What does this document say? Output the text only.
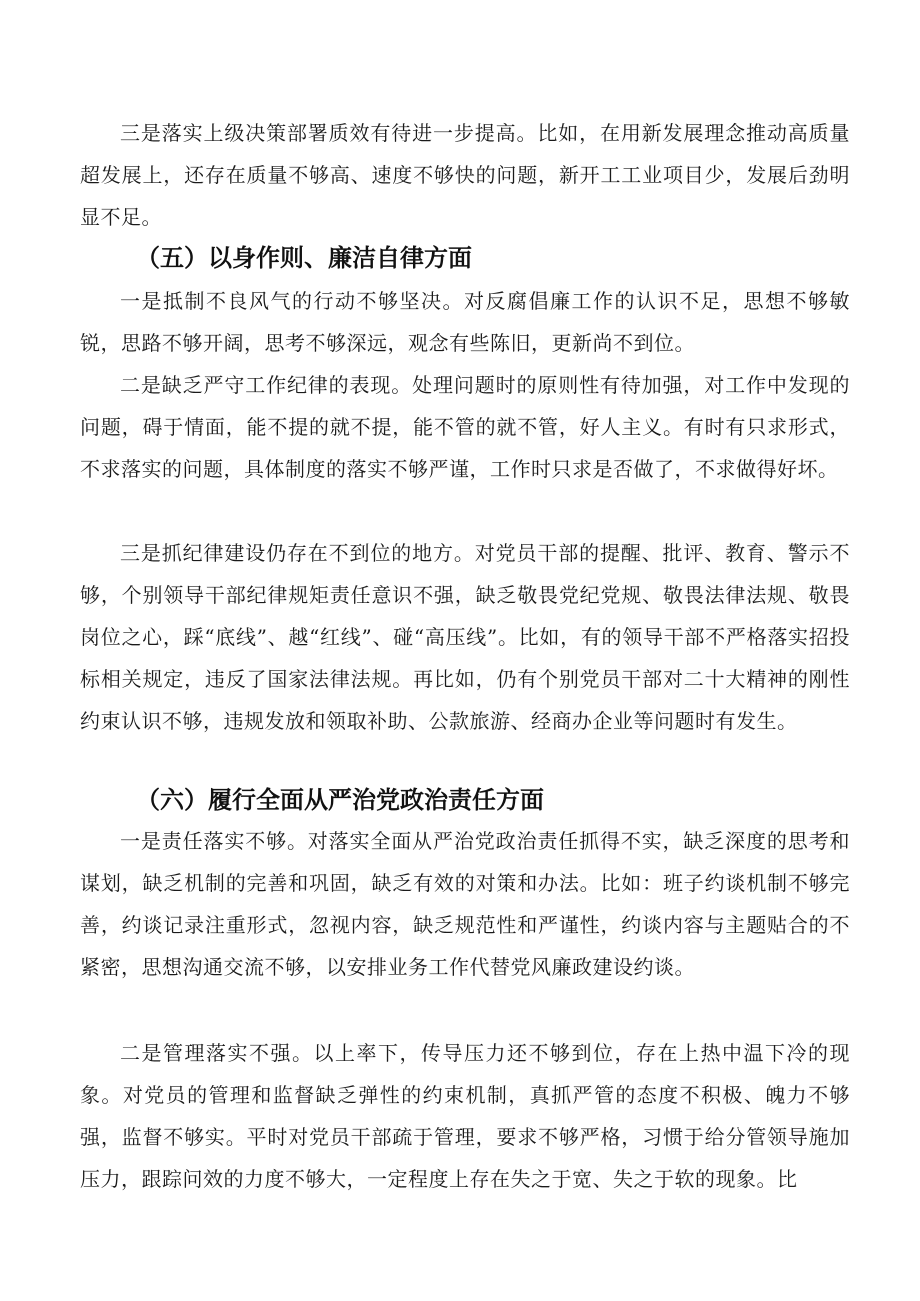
三是落实上级决策部署质效有待进一步提高。比如，在用新发展理念推动高质量超发展上，还存在质量不够高、速度不够快的问题，新开工工业项目少，发展后劲明显不足。

（五）以身作则、廉洁自律方面

一是抵制不良风气的行动不够坚决。对反腐倡廉工作的认识不足，思想不够敏锐，思路不够开阔，思考不够深远，观念有些陈旧，更新尚不到位。

二是缺乏严守工作纪律的表现。处理问题时的原则性有待加强，对工作中发现的问题，碍于情面，能不提的就不提，能不管的就不管，好人主义。有时有只求形式，不求落实的问题，具体制度的落实不够严谨，工作时只求是否做了，不求做得好坏。

三是抓纪律建设仍存在不到位的地方。对党员干部的提醒、批评、教育、警示不够，个别领导干部纪律规矩责任意识不强，缺乏敬畏党纪党规、敬畏法律法规、敬畏岗位之心，踩“底线”、越“红线”、碰“高压线”。比如，有的领导干部不严格落实招投标相关规定，违反了国家法律法规。再比如，仍有个别党员干部对二十大精神的刚性约束认识不够，违规发放和领取补助、公款旅游、经商办企业等问题时有发生。

（六）履行全面从严治党政治责任方面

一是责任落实不够。对落实全面从严治党政治责任抓得不实，缺乏深度的思考和谋划，缺乏机制的完善和巩固，缺乏有效的对策和办法。比如：班子约谈机制不够完善，约谈记录注重形式，忽视内容，缺乏规范性和严谨性，约谈内容与主题贴合的不紧密，思想沟通交流不够，以安排业务工作代替党风廉政建设约谈。

二是管理落实不强。以上率下，传导压力还不够到位，存在上热中温下冷的现象。对党员的管理和监督缺乏弹性的约束机制，真抓严管的态度不积极、魄力不够强，监督不够实。平时对党员干部疏于管理，要求不够严格，习惯于给分管领导施加压力，跟踪问效的力度不够大，一定程度上存在失之于宽、失之于软的现象。比
